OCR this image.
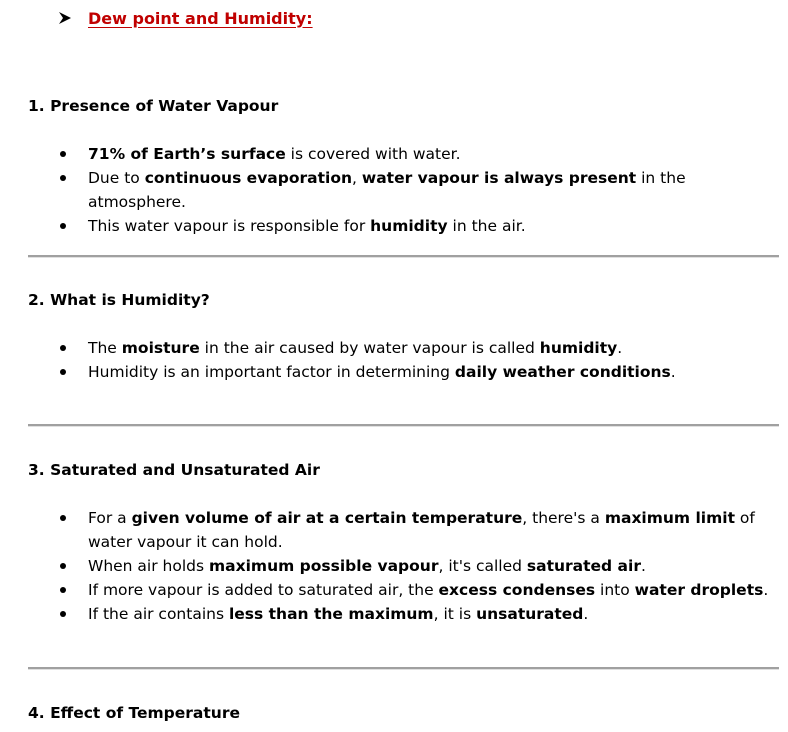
Dew point and Humidity:
1. Presence of Water Vapour
71% of Earth’s surface is covered with water.
Due to continuous evaporation, water vapour is always present in the atmosphere.
This water vapour is responsible for humidity in the air.
2. What is Humidity?
The moisture in the air caused by water vapour is called humidity.
Humidity is an important factor in determining daily weather conditions.
3. Saturated and Unsaturated Air
For a given volume of air at a certain temperature, there's a maximum limit of water vapour it can hold.
When air holds maximum possible vapour, it's called saturated air.
If more vapour is added to saturated air, the excess condenses into water droplets.
If the air contains less than the maximum, it is unsaturated.
4. Effect of Temperature
